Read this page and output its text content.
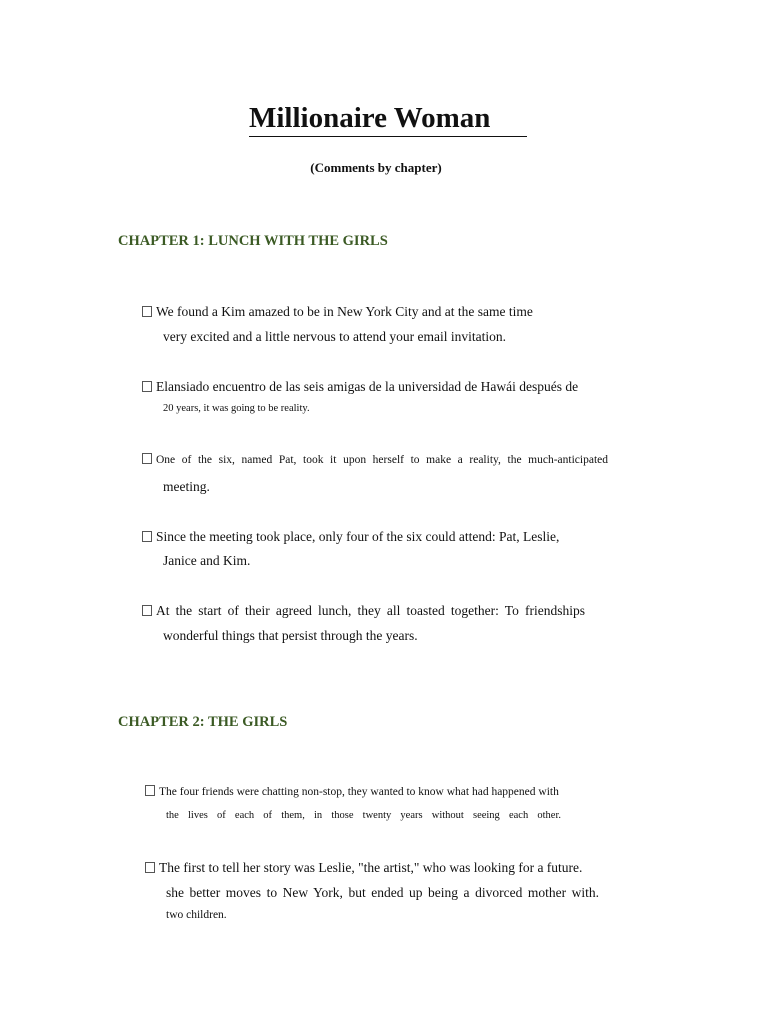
Millionaire Woman
(Comments by chapter)
CHAPTER 1: LUNCH WITH THE GIRLS
We found a Kim amazed to be in New York City and at the same time
very excited and a little nervous to attend your email invitation.
Elansiado encuentro de las seis amigas de la universidad de Hawái después de
20 years, it was going to be reality.
One of the six, named Pat, took it upon herself to make a reality, the much-anticipated
meeting.
Since the meeting took place, only four of the six could attend: Pat, Leslie,
Janice and Kim.
At the start of their agreed lunch, they all toasted together: To friendships
wonderful things that persist through the years.
CHAPTER 2: THE GIRLS
The four friends were chatting non-stop, they wanted to know what had happened with
the lives of each of them, in those twenty years without seeing each other.
The first to tell her story was Leslie, "the artist," who was looking for a future.
she better moves to New York, but ended up being a divorced mother with.
two children.
